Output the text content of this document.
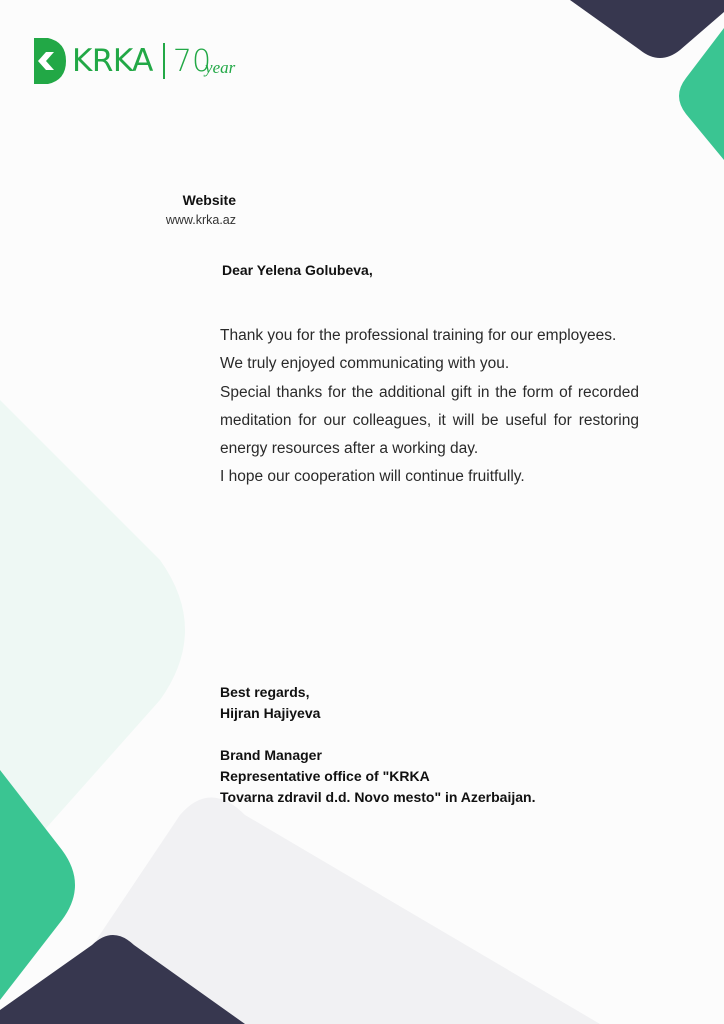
KRKA 70
year
Website
www.krka.az
Dear Yelena Golubeva,

Thank you for the professional training for our employees.

We truly enjoyed communicating with you.

Special thanks for the additional gift in the form of recorded meditation for our colleagues, it will be useful for restoring energy resources after a working day.

I hope our cooperation will continue fruitfully.

Best regards,

Hijran Hajiyeva

Brand Manager

Representative office of "KRKA

Tovarna zdravil d.d. Novo mesto" in Azerbaijan.
